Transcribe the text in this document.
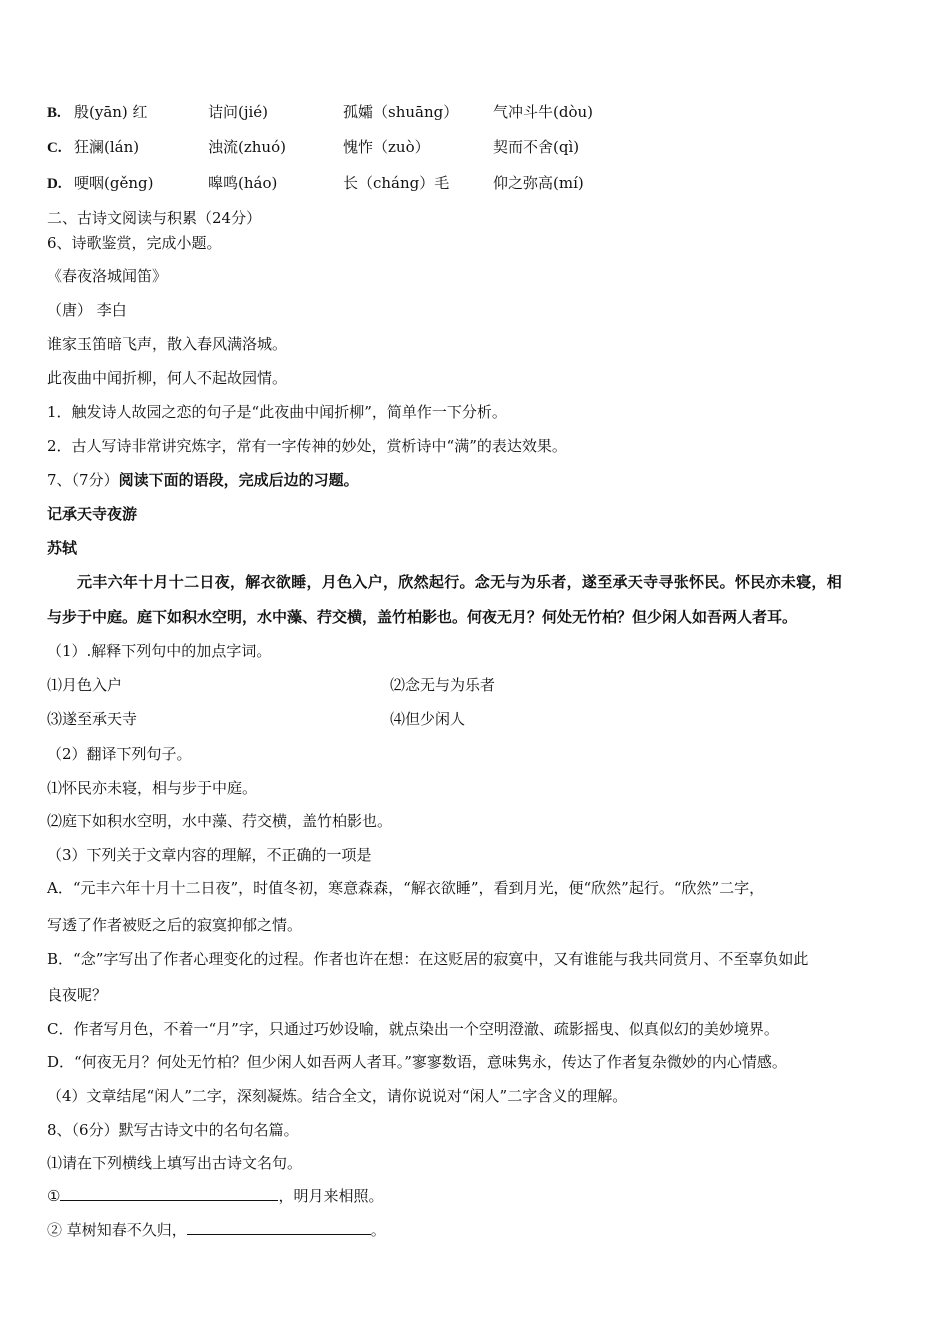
B. 殷(yān) 红	诘问(jié)	孤孀（shuāng） 气冲斗牛(dòu)
C. 狂澜(lán)	浊流(zhuó)	愧怍（zuò）	契而不舍(qì)
D. 哽咽(gěng)	嗥鸣(háo)	长（cháng）毛	仰之弥高(mí)
二、古诗文阅读与积累（24分）
6、诗歌鉴赏，完成小题。
《春夜洛城闻笛》
（唐） 李白
谁家玉笛暗飞声，散入春风满洛城。
此夜曲中闻折柳，何人不起故园情。
1．触发诗人故园之恋的句子是“此夜曲中闻折柳”，简单作一下分析。
2．古人写诗非常讲究炼字，常有一字传神的妙处，赏析诗中“满”的表达效果。
7、（7分）阅读下面的语段，完成后边的习题。
记承天寺夜游
苏轼
元丰六年十月十二日夜，解衣欲睡，月色入户，欣然起行。念无与为乐者，遂至承天寺寻张怀民。怀民亦未寝，相
与步于中庭。庭下如积水空明，水中藻、荇交横，盖竹柏影也。何夜无月？何处无竹柏？但少闲人如吾两人者耳。
（1）.解释下列句中的加点字词。
⑴月色入户	⑵念无与为乐者
⑶遂至承天寺	⑷但少闲人
（2）翻译下列句子。
⑴怀民亦未寝，相与步于中庭。
⑵庭下如积水空明，水中藻、荇交横，盖竹柏影也。
（3）下列关于文章内容的理解，不正确的一项是
A．“元丰六年十月十二日夜”，时值冬初，寒意森森，“解衣欲睡”，看到月光，便“欣然”起行。“欣然”二字，
写透了作者被贬之后的寂寞抑郁之情。
B．“念”字写出了作者心理变化的过程。作者也许在想：在这贬居的寂寞中，又有谁能与我共同赏月、不至辜负如此
良夜呢？
C．作者写月色，不着一“月”字，只通过巧妙设喻，就点染出一个空明澄澈、疏影摇曳、似真似幻的美妙境界。
D．“何夜无月？何处无竹柏？但少闲人如吾两人者耳。”寥寥数语，意味隽永，传达了作者复杂微妙的内心情感。
（4）文章结尾“闲人”二字，深刻凝炼。结合全文，请你说说对“闲人”二字含义的理解。
8、（6分）默写古诗文中的名句名篇。
⑴请在下列横线上填写出古诗文名句。
①	，明月来相照。
② 草树知春不久归，	。
